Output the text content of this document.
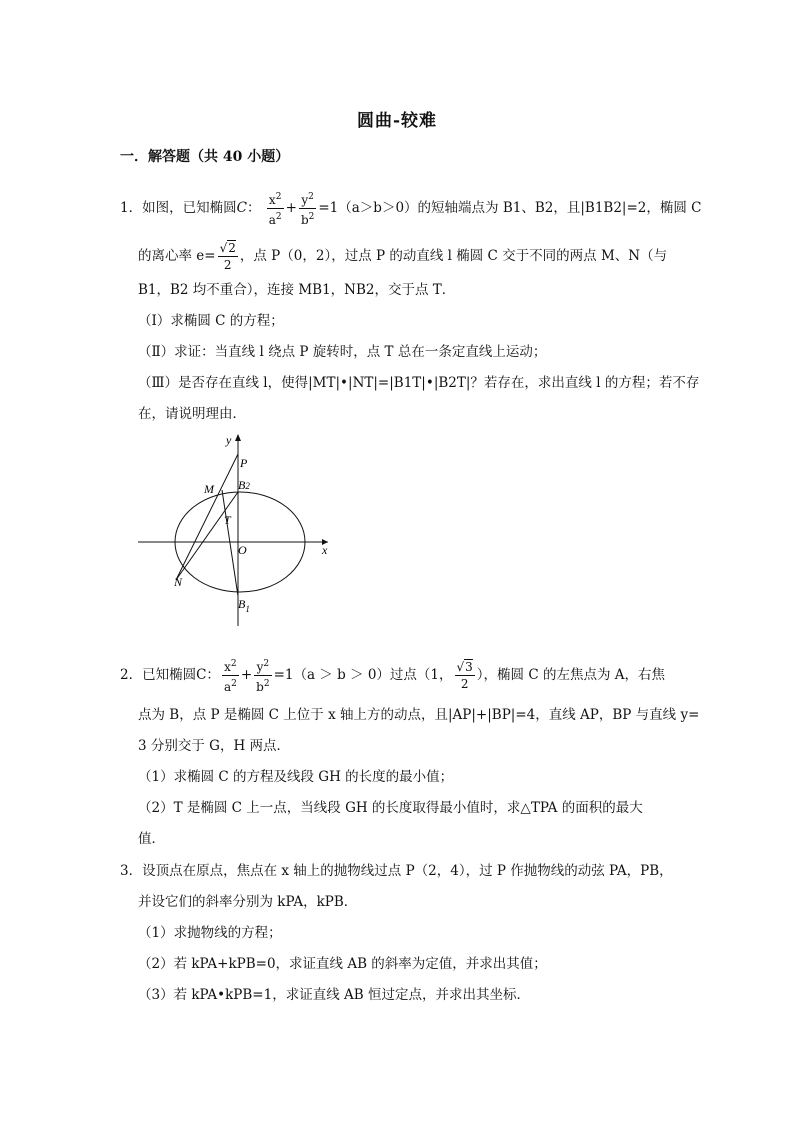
圆曲-较难
一．解答题（共 40 小题）
1．如图，已知椭圆C： $\frac{x^2}{a^2} + \frac{y^2}{b^2} =1(a>b>0)$的短轴端点为 B1、B2，且|B1B2|=2，椭圆 C
的离心率 $e= \frac{√2}{2}$ ，点 P（0，2），过点 P 的动直线 l 椭圆 C 交于不同的两点 M、N（与
B1，B2 均不重合），连接 MB1，NB2，交于点 T．
（Ⅰ）求椭圆 C 的方程；
（Ⅱ）求证：当直线 l 绕点 P 旋转时，点 T 总在一条定直线上运动；
（Ⅲ）是否存在直线 l，使得|MT|•|NT|=|B1T|•|B2T|？若存在，求出直线 l 的方程；若不存
在，请说明理由．
y
P
B2
M
T
O	x
N
$B_1$
2．已知椭圆C： $\frac{x^2}{a^2} + \frac{y^2}{b^2} =1(a > b > 0)$过点（1， $\frac{√3}{2}$ ），椭圆 C 的左焦点为 A，右焦
点为 B，点 P 是椭圆 C 上位于 x 轴上方的动点，且|AP|+|BP|=4，直线 AP，BP 与直线 y=
3 分别交于 G，H 两点．
（1）求椭圆 C 的方程及线段 GH 的长度的最小值；
（2）T 是椭圆 C 上一点，当线段 GH 的长度取得最小值时，求△TPA 的面积的最大
值．
3．设顶点在原点，焦点在 x 轴上的抛物线过点 P（2，4），过 P 作抛物线的动弦 PA，PB，
并设它们的斜率分别为 kPA，kPB．
（1）求抛物线的方程；
（2）若 kPA+kPB=0，求证直线 AB 的斜率为定值，并求出其值；
（3）若 kPA•kPB=1，求证直线 AB 恒过定点，并求出其坐标．
